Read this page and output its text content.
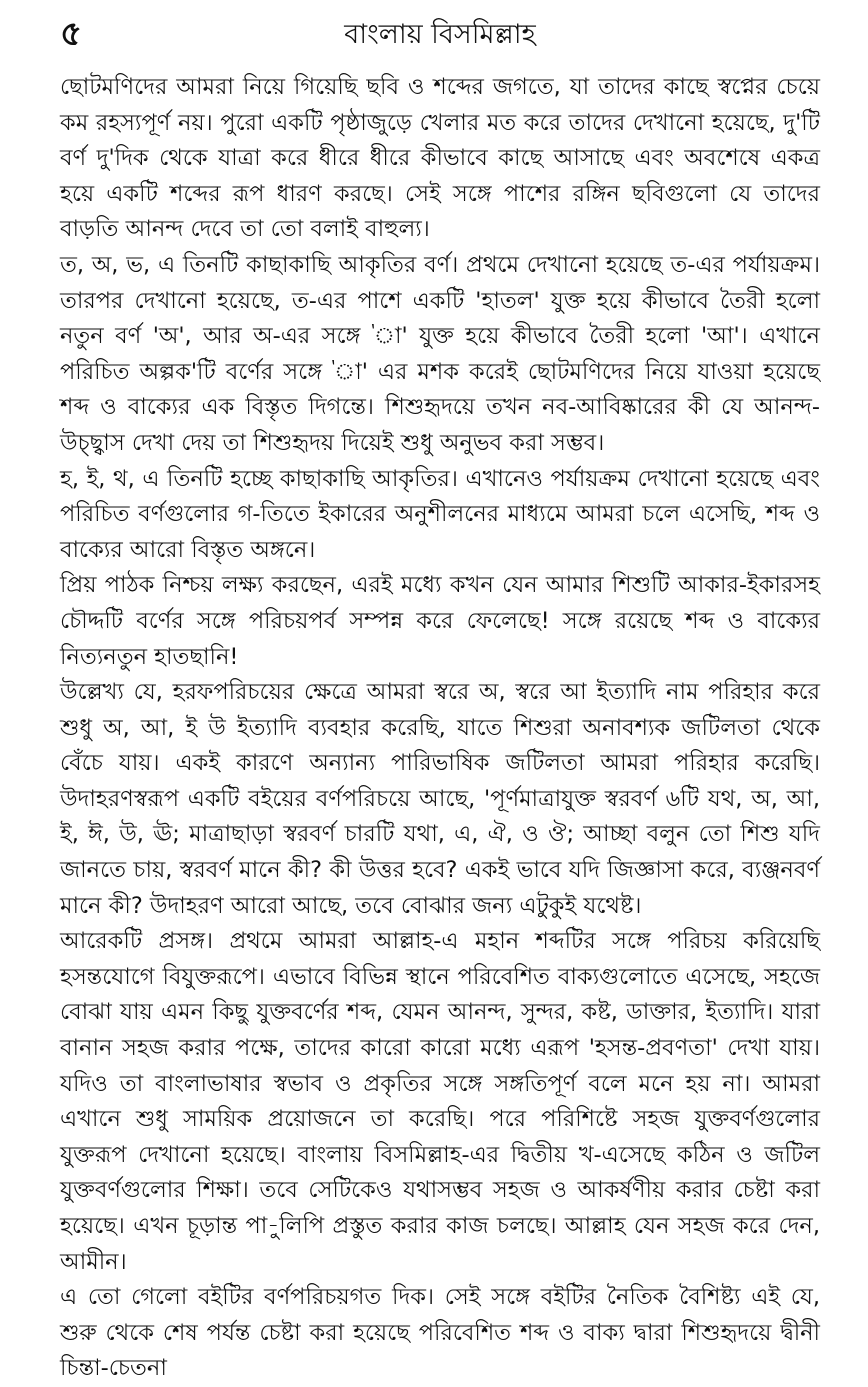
৫	বাংলায় বিসমিল্লাহ

ছোটমণিদের আমরা নিয়ে গিয়েছি ছবি ও শব্দের জগতে, যা তাদের কাছে স্বপ্নের চেয়ে কম রহস্যপূর্ণ নয়। পুরো একটি পৃষ্ঠাজুড়ে খেলার মত করে তাদের দেখানো হয়েছে, দু'টি বর্ণ দু'দিক থেকে যাত্রা করে ধীরে ধীরে কীভাবে কাছে আসাছে এবং অবশেষে একত্র হয়ে একটি শব্দের রূপ ধারণ করছে। সেই সঙ্গে পাশের রঙ্গিন ছবিগুলো যে তাদের বাড়তি আনন্দ দেবে তা তো বলাই বাহুল্য।

ত, অ, ভ, এ তিনটি কাছাকাছি আকৃতির বর্ণ। প্রথমে দেখানো হয়েছে ত-এর পর্যায়ক্রম। তারপর দেখানো হয়েছে, ত-এর পাশে একটি 'হাতল' যুক্ত হয়ে কীভাবে তৈরী হলো নতুন বর্ণ 'অ', আর অ-এর সঙ্গে 'া' যুক্ত হয়ে কীভাবে তৈরী হলো 'আ'। এখানে পরিচিত অল্পক'টি বর্ণের সঙ্গে 'া' এর মশক করেই ছোটমণিদের নিয়ে যাওয়া হয়েছে শব্দ ও বাক্যের এক বিস্তৃত দিগন্তে। শিশুহৃদয়ে তখন নব-আবিষ্কারের কী যে আনন্দ-উচ্ছ্বাস দেখা দেয় তা শিশুহৃদয় দিয়েই শুধু অনুভব করা সম্ভব।

হ, ই, থ, এ তিনটি হচ্ছে কাছাকাছি আকৃতির। এখানেও পর্যায়ক্রম দেখানো হয়েছে এবং পরিচিত বর্ণগুলোর গ-তিতে ইকারের অনুশীলনের মাধ্যমে আমরা চলে এসেছি, শব্দ ও বাক্যের আরো বিস্তৃত অঙ্গনে।

প্রিয় পাঠক নিশ্চয় লক্ষ্য করছেন, এরই মধ্যে কখন যেন আমার শিশুটি আকার-ইকারসহ চৌদ্দটি বর্ণের সঙ্গে পরিচয়পর্ব সম্পন্ন করে ফেলেছে! সঙ্গে রয়েছে শব্দ ও বাক্যের নিত্যনতুন হাতছানি!

উল্লেখ্য যে, হরফপরিচয়ের ক্ষেত্রে আমরা স্বরে অ, স্বরে আ ইত্যাদি নাম পরিহার করে শুধু অ, আ, ই উ ইত্যাদি ব্যবহার করেছি, যাতে শিশুরা অনাবশ্যক জটিলতা থেকে বেঁচে যায়। একই কারণে অন্যান্য পারিভাষিক জটিলতা আমরা পরিহার করেছি। উদাহরণস্বরূপ একটি বইয়ের বর্ণপরিচয়ে আছে, 'পূর্ণমাত্রাযুক্ত স্বরবর্ণ ৬টি যথ, অ, আ, ই, ঈ, উ, ঊ; মাত্রাছাড়া স্বরবর্ণ চারটি যথা, এ, ঐ, ও ঔ; আচ্ছা বলুন তো শিশু যদি জানতে চায়, স্বরবর্ণ মানে কী? কী উত্তর হবে? একই ভাবে যদি জিজ্ঞাসা করে, ব্যঞ্জনবর্ণ মানে কী? উদাহরণ আরো আছে, তবে বোঝার জন্য এটুকুই যথেষ্ট।

আরেকটি প্রসঙ্গ। প্রথমে আমরা আল্লাহ-এ মহান শব্দটির সঙ্গে পরিচয় করিয়েছি হসন্তযোগে বিযুক্তরূপে। এভাবে বিভিন্ন স্থানে পরিবেশিত বাক্যগুলোতে এসেছে, সহজে বোঝা যায় এমন কিছু যুক্তবর্ণের শব্দ, যেমন আনন্দ, সুন্দর, কষ্ট, ডাক্তার, ইত্যাদি। যারা বানান সহজ করার পক্ষে, তাদের কারো কারো মধ্যে এরূপ 'হসন্ত-প্রবণতা' দেখা যায়। যদিও তা বাংলাভাষার স্বভাব ও প্রকৃতির সঙ্গে সঙ্গতিপূর্ণ বলে মনে হয় না। আমরা এখানে শুধু সাময়িক প্রয়োজনে তা করেছি। পরে পরিশিষ্টে সহজ যুক্তবর্ণগুলোর যুক্তরূপ দেখানো হয়েছে। বাংলায় বিসমিল্লাহ-এর দ্বিতীয় খ-এসেছে কঠিন ও জটিল যুক্তবর্ণগুলোর শিক্ষা। তবে সেটিকেও যথাসম্ভব সহজ ও আকর্ষণীয় করার চেষ্টা করা হয়েছে। এখন চূড়ান্ত পা-ুলিপি প্রস্তুত করার কাজ চলছে। আল্লাহ যেন সহজ করে দেন, আমীন।

এ তো গেলো বইটির বর্ণপরিচয়গত দিক। সেই সঙ্গে বইটির নৈতিক বৈশিষ্ট্য এই যে, শুরু থেকে শেষ পর্যন্ত চেষ্টা করা হয়েছে পরিবেশিত শব্দ ও বাক্য দ্বারা শিশুহৃদয়ে দ্বীনী চিন্তা-চেতনা
